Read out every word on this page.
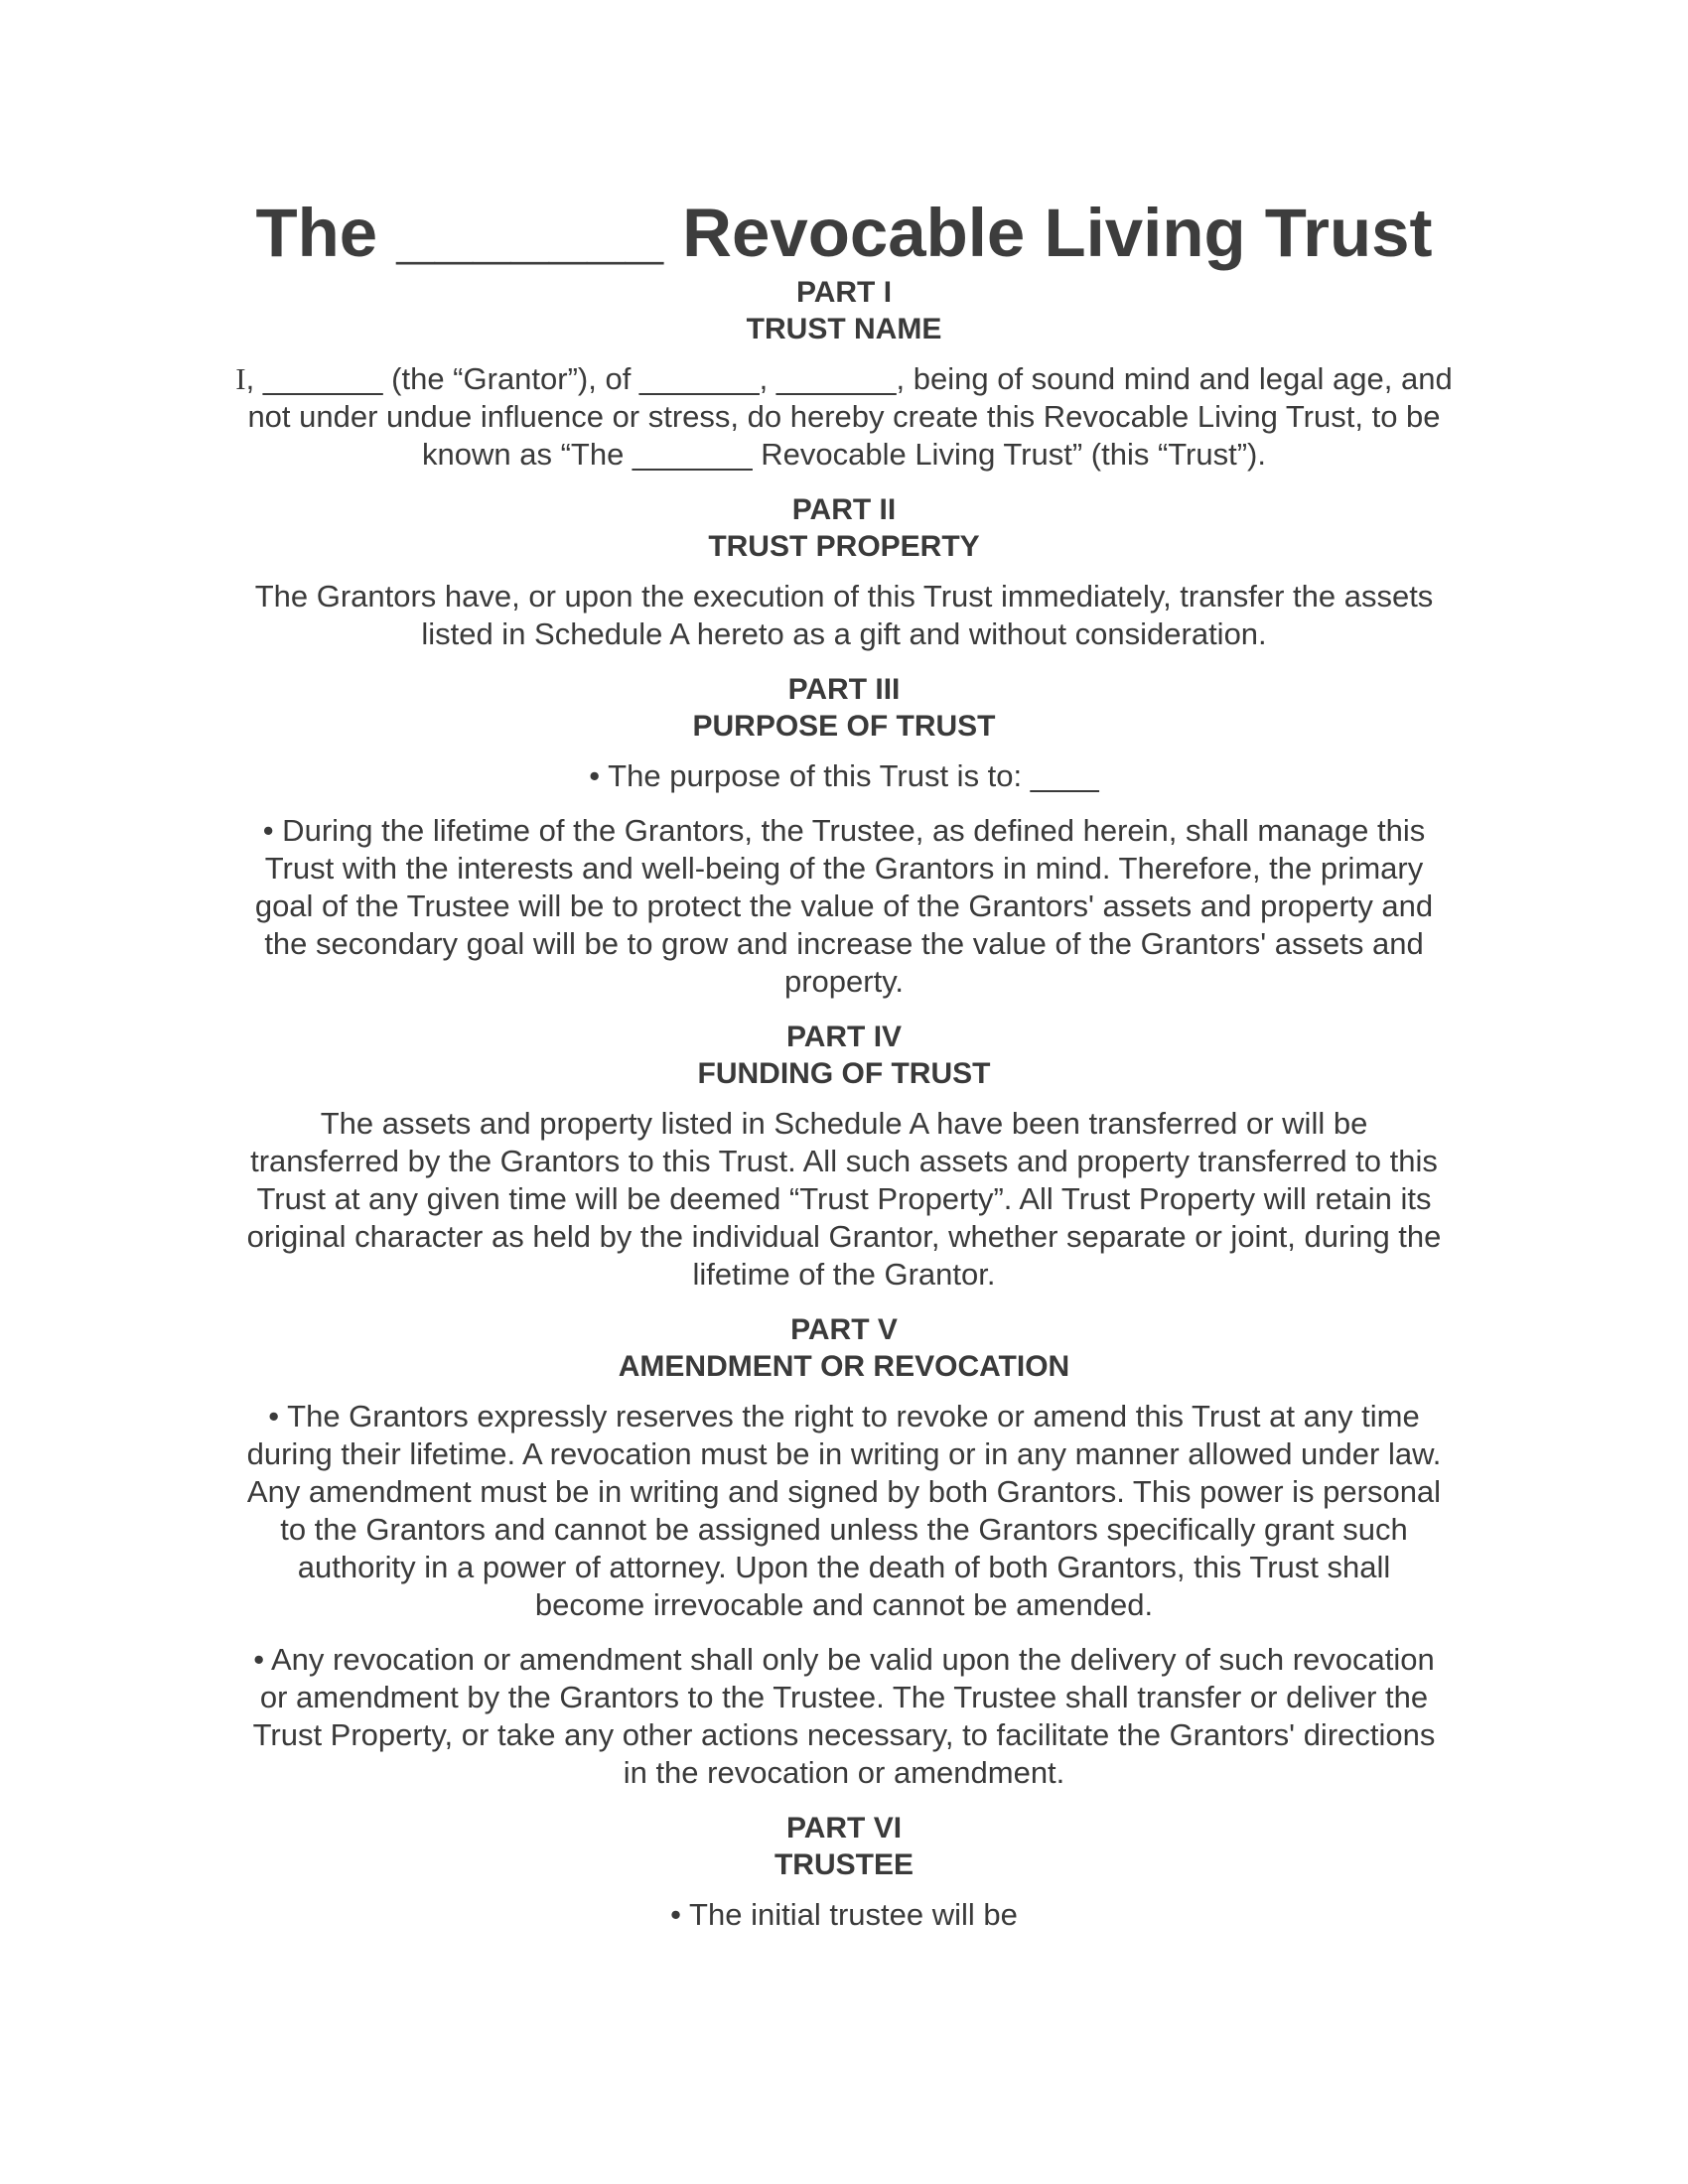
The _______ Revocable Living Trust
PART I
TRUST NAME

I, _______ (the “Grantor”), of _______, _______, being of sound mind and legal age, and
not under undue influence or stress, do hereby create this Revocable Living Trust, to be
known as “The _______ Revocable Living Trust” (this “Trust”).

PART II
TRUST PROPERTY

The Grantors have, or upon the execution of this Trust immediately, transfer the assets
listed in Schedule A hereto as a gift and without consideration.

PART III
PURPOSE OF TRUST

• The purpose of this Trust is to: ____

• During the lifetime of the Grantors, the Trustee, as defined herein, shall manage this
Trust with the interests and well-being of the Grantors in mind. Therefore, the primary
goal of the Trustee will be to protect the value of the Grantors' assets and property and
the secondary goal will be to grow and increase the value of the Grantors' assets and
property.

PART IV
FUNDING OF TRUST

The assets and property listed in Schedule A have been transferred or will be
transferred by the Grantors to this Trust. All such assets and property transferred to this
Trust at any given time will be deemed “Trust Property”. All Trust Property will retain its
original character as held by the individual Grantor, whether separate or joint, during the
lifetime of the Grantor.

PART V
AMENDMENT OR REVOCATION

• The Grantors expressly reserves the right to revoke or amend this Trust at any time
during their lifetime. A revocation must be in writing or in any manner allowed under law.
Any amendment must be in writing and signed by both Grantors. This power is personal
to the Grantors and cannot be assigned unless the Grantors specifically grant such
authority in a power of attorney. Upon the death of both Grantors, this Trust shall
become irrevocable and cannot be amended.

• Any revocation or amendment shall only be valid upon the delivery of such revocation
or amendment by the Grantors to the Trustee. The Trustee shall transfer or deliver the
Trust Property, or take any other actions necessary, to facilitate the Grantors' directions
in the revocation or amendment.

PART VI
TRUSTEE

• The initial trustee will be
